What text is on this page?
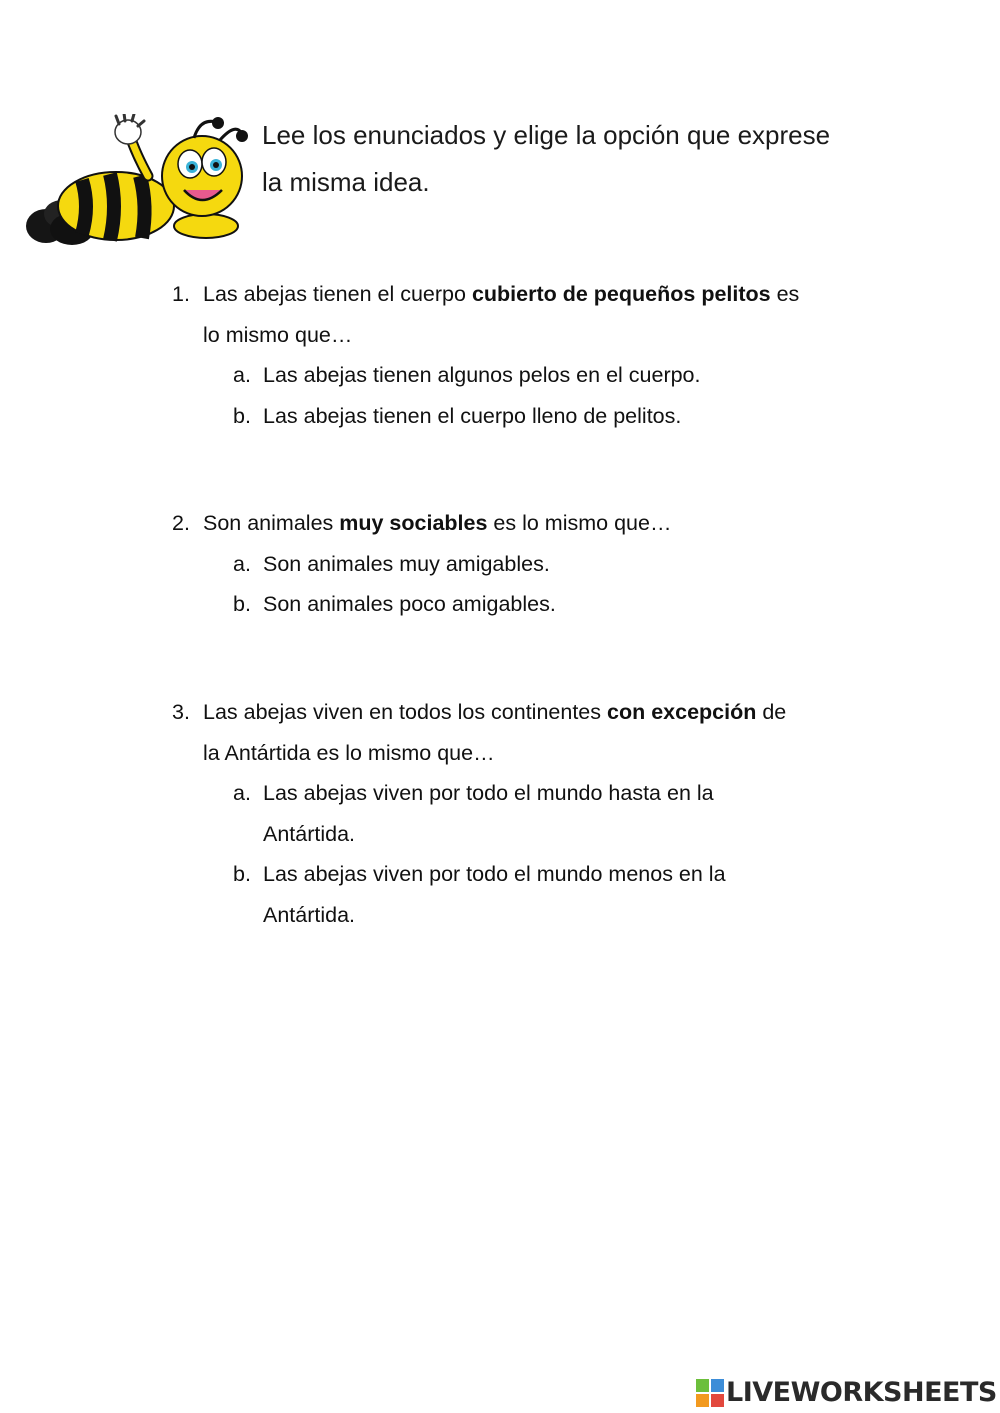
Lee los enunciados y elige la opción que exprese
la misma idea.
1. Las abejas tienen el cuerpo cubierto de pequeños pelitos es
lo mismo que…
a. Las abejas tienen algunos pelos en el cuerpo.
b. Las abejas tienen el cuerpo lleno de pelitos.
2. Son animales muy sociables es lo mismo que…
a. Son animales muy amigables.
b. Son animales poco amigables.
3. Las abejas viven en todos los continentes con excepción de
la Antártida es lo mismo que…
a. Las abejas viven por todo el mundo hasta en la
Antártida.
b. Las abejas viven por todo el mundo menos en la
Antártida.
LIVEWORKSHEETS
